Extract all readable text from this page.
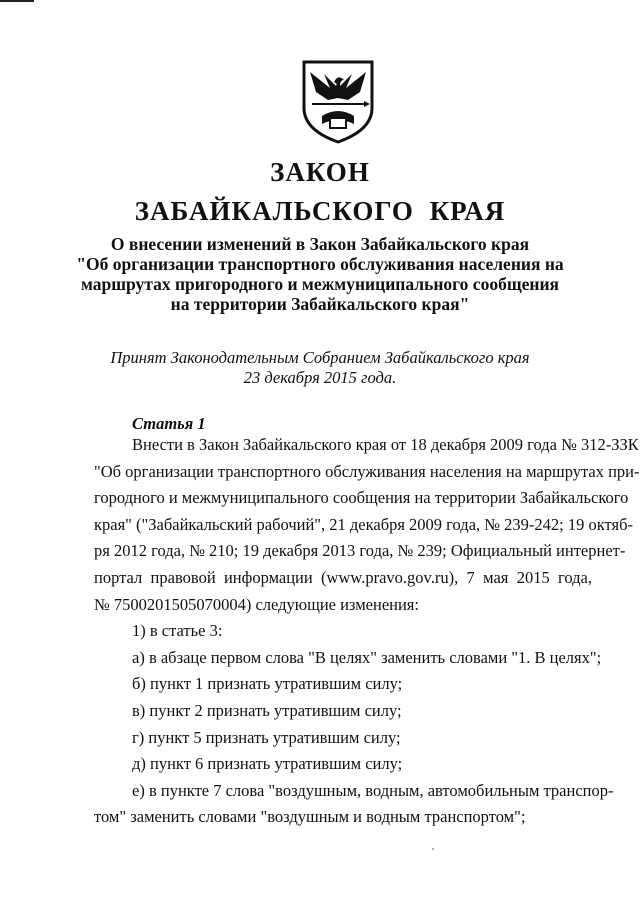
ЗАКОН
ЗАБАЙКАЛЬСКОГО КРАЯ
О внесении изменений в Закон Забайкальского края
"Об организации транспортного обслуживания населения на
маршрутах пригородного и межмуниципального сообщения
на территории Забайкальского края"
Принят Законодательным Собранием Забайкальского края
23 декабря 2015 года.
Статья 1
Внести в Закон Забайкальского края от 18 декабря 2009 года № 312-ЗЗК
"Об организации транспортного обслуживания населения на маршрутах при-
городного и межмуниципального сообщения на территории Забайкальского
края" ("Забайкальский рабочий", 21 декабря 2009 года, № 239-242; 19 октяб-
ря 2012 года, № 210; 19 декабря 2013 года, № 239; Официальный интернет-
портал правовой информации (www.pravo.gov.ru), 7 мая 2015 года,
№ 7500201505070004) следующие изменения:
1) в статье 3:
а) в абзаце первом слова "В целях" заменить словами "1. В целях";
б) пункт 1 признать утратившим силу;
в) пункт 2 признать утратившим силу;
г) пункт 5 признать утратившим силу;
д) пункт 6 признать утратившим силу;
е) в пункте 7 слова "воздушным, водным, автомобильным транспор-
том" заменить словами "воздушным и водным транспортом";
